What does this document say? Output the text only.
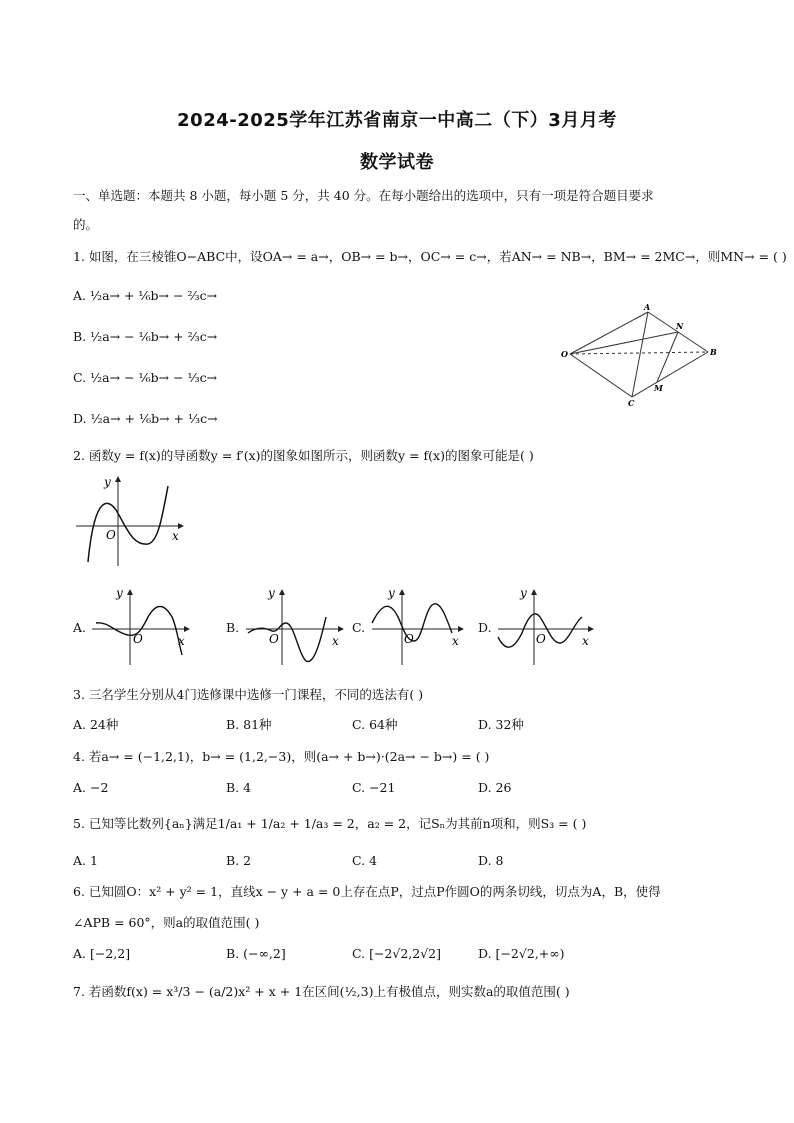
2024-2025学年江苏省南京一中高二（下）3月月考
数学试卷
一、单选题：本题共 8 小题，每小题 5 分，共 40 分。在每小题给出的选项中，只有一项是符合题目要求
的。
1. 如图，在三棱锥O−ABC中，设OA→ = a→，OB→ = b→，OC→ = c→，若AN→ = NB→，BM→ = 2MC→，则MN→ = ( )
A. ½a→ + ⅙b→ − ⅔c→
B. ½a→ − ⅙b→ + ⅔c→
C. ½a→ − ⅙b→ − ⅓c→
D. ½a→ + ⅙b→ + ⅓c→
A
N
O	B
M
C
2. 函数y = f(x)的导函数y = f′(x)的图象如图所示，则函数y = f(x)的图象可能是( )
y
x
O
A.
y
x
O
B.
y
x
O
C.
y
x
O
D.
y
x
O
3. 三名学生分别从4门选修课中选修一门课程，不同的选法有( )
A. 24种	B. 81种	C. 64种	D. 32种
4. 若a→ = (−1,2,1)，b→ = (1,2,−3)，则(a→ + b→)·(2a→ − b→) = ( )
A. −2	B. 4	C. −21	D. 26
5. 已知等比数列{aₙ}满足1/a₁ + 1/a₂ + 1/a₃ = 2，a₂ = 2，记Sₙ为其前n项和，则S₃ = ( )
A. 1	B. 2	C. 4	D. 8
6. 已知圆O：x² + y² = 1，直线x − y + a = 0上存在点P，过点P作圆O的两条切线，切点为A，B，使得
∠APB = 60°，则a的取值范围( )
A. [−2,2]	B. (−∞,2]	C. [−2√2,2√2]	D. [−2√2,+∞)
7. 若函数f(x) = x³/3 − (a/2)x² + x + 1在区间(½,3)上有极值点，则实数a的取值范围( )
